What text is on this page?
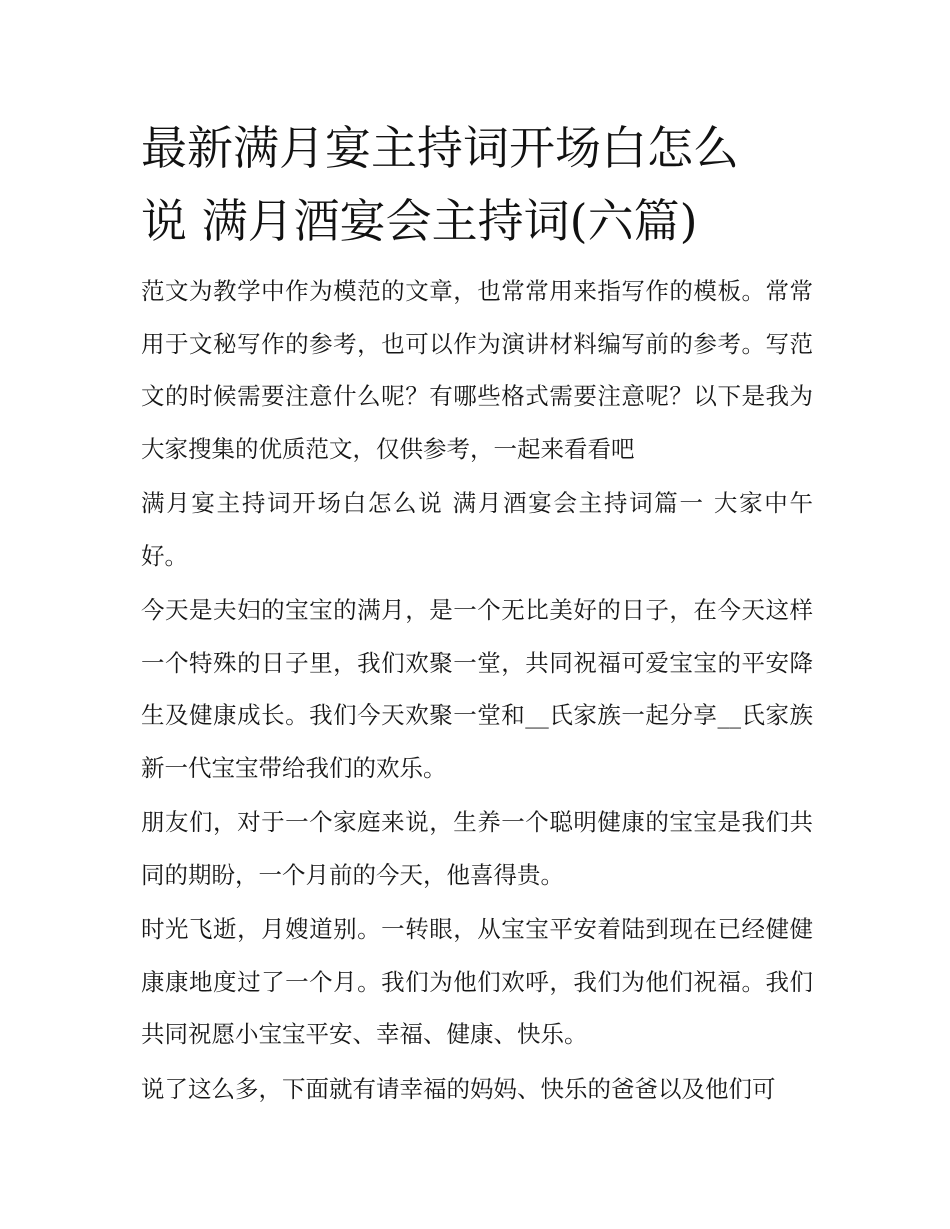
最新满月宴主持词开场白怎么
说 满月酒宴会主持词(六篇)

范文为教学中作为模范的文章，也常常用来指写作的模板。常常用于文秘写作的参考，也可以作为演讲材料编写前的参考。写范文的时候需要注意什么呢？有哪些格式需要注意呢？以下是我为大家搜集的优质范文，仅供参考，一起来看看吧

满月宴主持词开场白怎么说 满月酒宴会主持词篇一 大家中午好。

今天是夫妇的宝宝的满月，是一个无比美好的日子，在今天这样一个特殊的日子里，我们欢聚一堂，共同祝福可爱宝宝的平安降生及健康成长。我们今天欢聚一堂和__氏家族一起分享__氏家族新一代宝宝带给我们的欢乐。

朋友们，对于一个家庭来说，生养一个聪明健康的宝宝是我们共同的期盼，一个月前的今天，他喜得贵。

时光飞逝，月嫂道别。一转眼，从宝宝平安着陆到现在已经健健康康地度过了一个月。我们为他们欢呼，我们为他们祝福。我们共同祝愿小宝宝平安、幸福、健康、快乐。

说了这么多，下面就有请幸福的妈妈、快乐的爸爸以及他们可
